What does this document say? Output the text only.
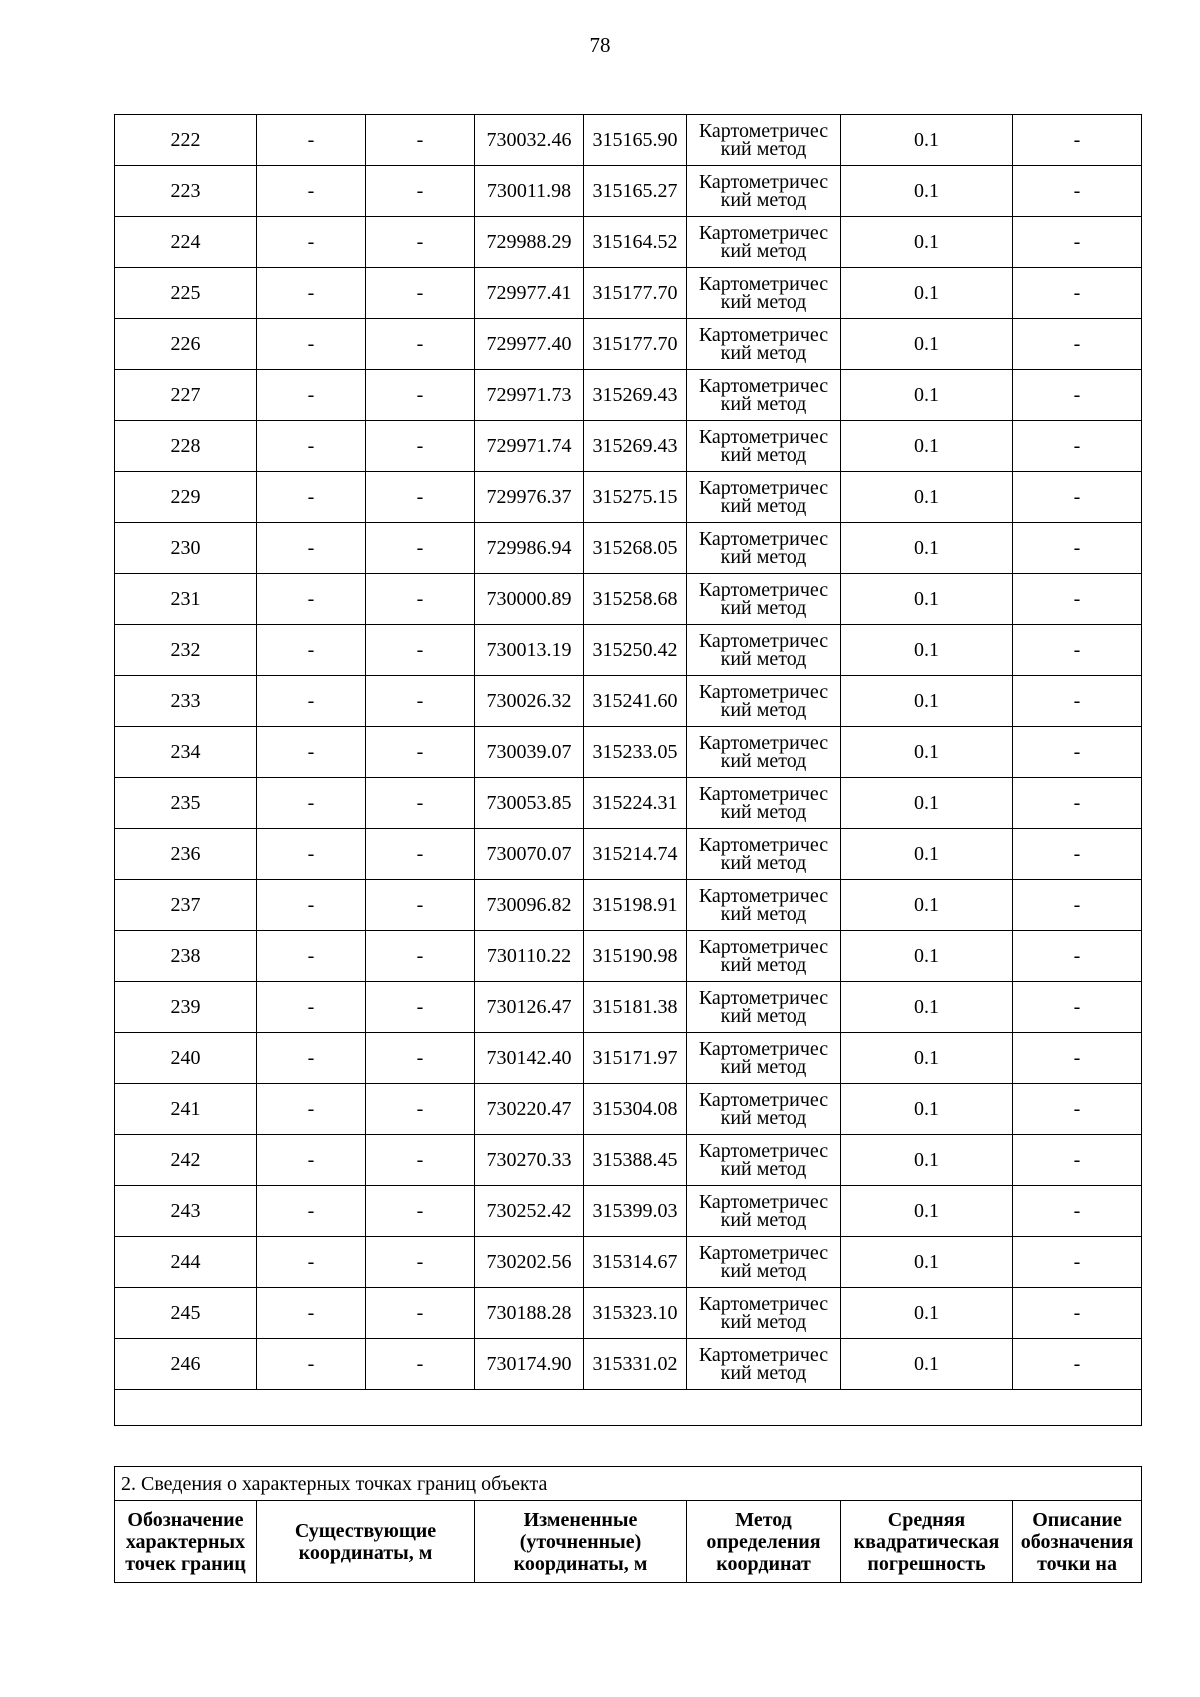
78
222	-	-	730032.46	315165.90	Картометричес кий метод	0.1	-
223	-	-	730011.98	315165.27	Картометричес кий метод	0.1	-
224	-	-	729988.29	315164.52	Картометричес кий метод	0.1	-
225	-	-	729977.41	315177.70	Картометричес кий метод	0.1	-
226	-	-	729977.40	315177.70	Картометричес кий метод	0.1	-
227	-	-	729971.73	315269.43	Картометричес кий метод	0.1	-
228	-	-	729971.74	315269.43	Картометричес кий метод	0.1	-
229	-	-	729976.37	315275.15	Картометричес кий метод	0.1	-
230	-	-	729986.94	315268.05	Картометричес кий метод	0.1	-
231	-	-	730000.89	315258.68	Картометричес кий метод	0.1	-
232	-	-	730013.19	315250.42	Картометричес кий метод	0.1	-
233	-	-	730026.32	315241.60	Картометричес кий метод	0.1	-
234	-	-	730039.07	315233.05	Картометричес кий метод	0.1	-
235	-	-	730053.85	315224.31	Картометричес кий метод	0.1	-
236	-	-	730070.07	315214.74	Картометричес кий метод	0.1	-
237	-	-	730096.82	315198.91	Картометричес кий метод	0.1	-
238	-	-	730110.22	315190.98	Картометричес кий метод	0.1	-
239	-	-	730126.47	315181.38	Картометричес кий метод	0.1	-
240	-	-	730142.40	315171.97	Картометричес кий метод	0.1	-
241	-	-	730220.47	315304.08	Картометричес кий метод	0.1	-
242	-	-	730270.33	315388.45	Картометричес кий метод	0.1	-
243	-	-	730252.42	315399.03	Картометричес кий метод	0.1	-
244	-	-	730202.56	315314.67	Картометричес кий метод	0.1	-
245	-	-	730188.28	315323.10	Картометричес кий метод	0.1	-
246	-	-	730174.90	315331.02	Картометричес кий метод	0.1	-

2. Сведения о характерных точках границ объекта
Обозначение характерных точек границ	Существующие координаты, м	Измененные (уточненные) координаты, м	Метод определения координат	Средняя квадратическая погрешность	Описание обозначения точки на
